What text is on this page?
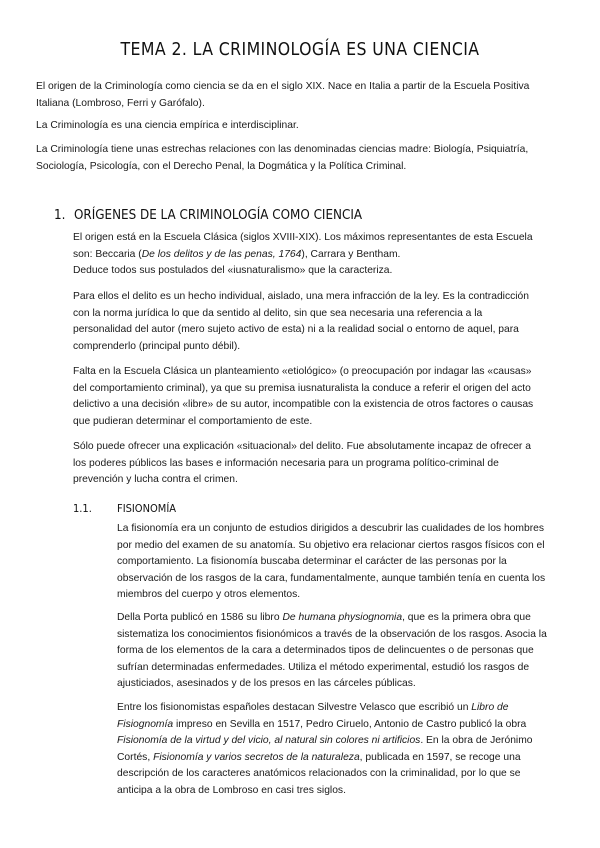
TEMA 2. LA CRIMINOLOGÍA ES UNA CIENCIA
El origen de la Criminología como ciencia se da en el siglo XIX. Nace en Italia a partir de la Escuela Positiva
Italiana (Lombroso, Ferri y Garófalo).
La Criminología es una ciencia empírica e interdisciplinar.
La Criminología tiene unas estrechas relaciones con las denominadas ciencias madre: Biología, Psiquiatría,
Sociología, Psicología, con el Derecho Penal, la Dogmática y la Política Criminal.
1. ORÍGENES DE LA CRIMINOLOGÍA COMO CIENCIA
El origen está en la Escuela Clásica (siglos XVIII-XIX). Los máximos representantes de esta Escuela
son: Beccaria (De los delitos y de las penas, 1764), Carrara y Bentham.
Deduce todos sus postulados del «iusnaturalismo» que la caracteriza.
Para ellos el delito es un hecho individual, aislado, una mera infracción de la ley. Es la contradicción
con la norma jurídica lo que da sentido al delito, sin que sea necesaria una referencia a la
personalidad del autor (mero sujeto activo de esta) ni a la realidad social o entorno de aquel, para
comprenderlo (principal punto débil).
Falta en la Escuela Clásica un planteamiento «etiológico» (o preocupación por indagar las «causas»
del comportamiento criminal), ya que su premisa iusnaturalista la conduce a referir el origen del acto
delictivo a una decisión «libre» de su autor, incompatible con la existencia de otros factores o causas
que pudieran determinar el comportamiento de este.
Sólo puede ofrecer una explicación «situacional» del delito. Fue absolutamente incapaz de ofrecer a
los poderes públicos las bases e información necesaria para un programa político-criminal de
prevención y lucha contra el crimen.
1.1.	FISIONOMÍA
La fisionomía era un conjunto de estudios dirigidos a descubrir las cualidades de los hombres
por medio del examen de su anatomía. Su objetivo era relacionar ciertos rasgos físicos con el
comportamiento. La fisionomía buscaba determinar el carácter de las personas por la
observación de los rasgos de la cara, fundamentalmente, aunque también tenía en cuenta los
miembros del cuerpo y otros elementos.
Della Porta publicó en 1586 su libro De humana physiognomia, que es la primera obra que
sistematiza los conocimientos fisionómicos a través de la observación de los rasgos. Asocia la
forma de los elementos de la cara a determinados tipos de delincuentes o de personas que
sufrían determinadas enfermedades. Utiliza el método experimental, estudió los rasgos de
ajusticiados, asesinados y de los presos en las cárceles públicas.
Entre los fisionomistas españoles destacan Silvestre Velasco que escribió un Libro de
Fisiognomía impreso en Sevilla en 1517, Pedro Ciruelo, Antonio de Castro publicó la obra
Fisionomía de la virtud y del vicio, al natural sin colores ni artificios. En la obra de Jerónimo
Cortés, Fisionomía y varios secretos de la naturaleza, publicada en 1597, se recoge una
descripción de los caracteres anatómicos relacionados con la criminalidad, por lo que se
anticipa a la obra de Lombroso en casi tres siglos.
